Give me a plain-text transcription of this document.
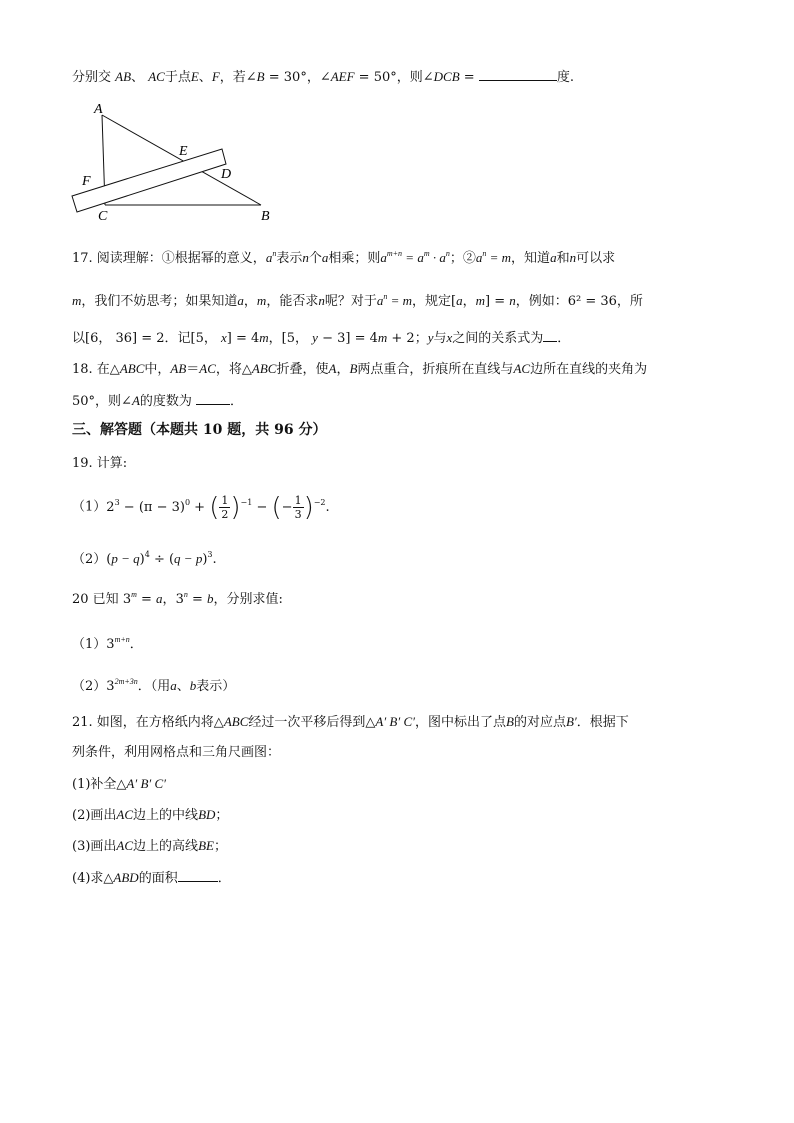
分别交 AB、 AC于点E、F，若∠B = 30°，∠AEF = 50°，则∠DCB =	度.
A
E
D
F
C	B
17. 阅读理解：①根据幂的意义，$a^n$表示n个a相乘；则$a^{m+n} = a^m \cdot a^n$；$②a^n = m$，知道a和n可以求
m，我们不妨思考；如果知道a，m，能否求n呢？对于$a^n = m$，规定[a，m] = n，例如：6² = 36，所
以[6， 36] = 2．记[5， x] = 4m，[5， y − 3] = 4m + 2；y与x之间的关系式为 ．
18. 在△ABC中，AB＝AC，将△ABC折叠，使A，B两点重合，折痕所在直线与AC边所在直线的夹角为
50°，则∠A的度数为	．
三、解答题（本题共 10 题，共 96 分）
19. 计算:
$(1)2^3 - (\pi - 3)^0$ + ( $\frac{1}{2} )^{-1}$ − (− $\frac{1}{3} )^{-2}$.
$(2)(p - q)^4 \div (q - p)^3$.
20 已知 $3^m = a$，$3^n = b$，分别求值:
$(1)3^{m+n}$．
$(2)3^{2m+3n}$．（用a、b表示）
21. 如图，在方格纸内将△ABC经过一次平移后得到△A′ B′ C′，图中标出了点B的对应点B′．根据下
列条件，利用网格点和三角尺画图：
(1)补全△A′ B′ C′
(2)画出AC边上的中线BD；
(3)画出AC边上的高线BE；
(4)求△ABD的面积	．
